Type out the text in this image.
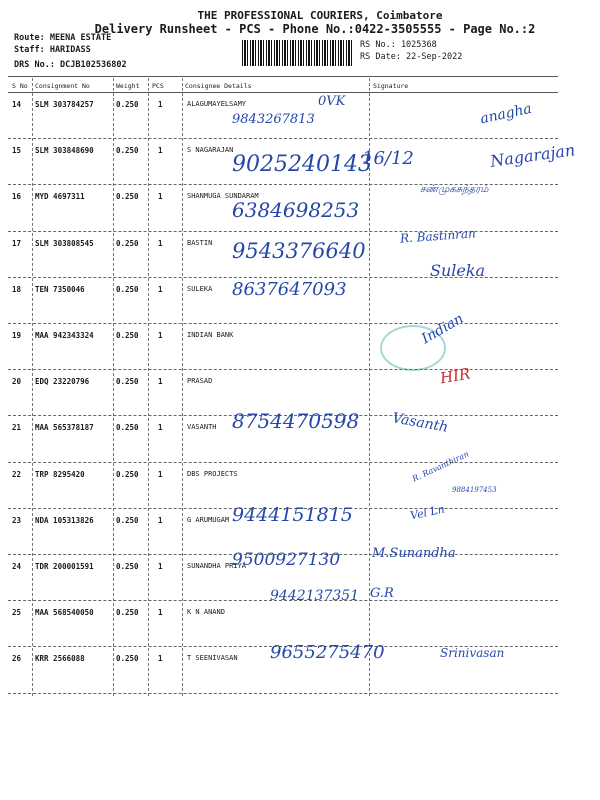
THE PROFESSIONAL COURIERS, Coimbatore
Delivery Runsheet - PCS - Phone No.:0422-3505555 - Page No.:2
Route: MEENA ESTATE
Staff: HARIDASS
DRS No.: DCJB102536802
RS No.: 1025368
RS Date: 22-Sep-2022
S No Consignment No	Weight PCS	Consignee Details	Signature
14 SLM 303784257	0.250	1	ALAGUMAYELSAMY
9843267813
0VK	anagha
15 SLM 303848690	0.250	1	S NAGARAJAN
9025240143
16/12	Nagarajan
16 MYD 4697311	0.250	1	SHANMUGA SUNDARAM
6384698253
சண்முகசுந்தரம்
17 SLM 303808545	0.250	1	BASTIN 9543376640
R. Bastinran
18 TEN 7350046	0.250	1	SULEKA 8637647093
Suleka
19 MAA 942343324	0.250	1	INDIAN BANK	Indian
20 EDQ 23220796	0.250	1	PRASAD	HIR
21 MAA 565378187	0.250	1	VASANTH 8754470598 Vasanth
22 TRP 8295420	0.250	1	DBS PROJECTS
9884197453
R. Ravanthiran
23 NDA 105313826	0.250	1	G ARUMUGAM 9444151815	Vel Ln
24 TDR 200001591	0.250	1	SUNANDHA PRIYA
9500927130 M.Sunandha
25 MAA 568540050	0.250	1	K N ANAND
9442137351 G.R
26 KRR 2566088	0.250	1	T SEENIVASAN 9655275470	Srinivasan
